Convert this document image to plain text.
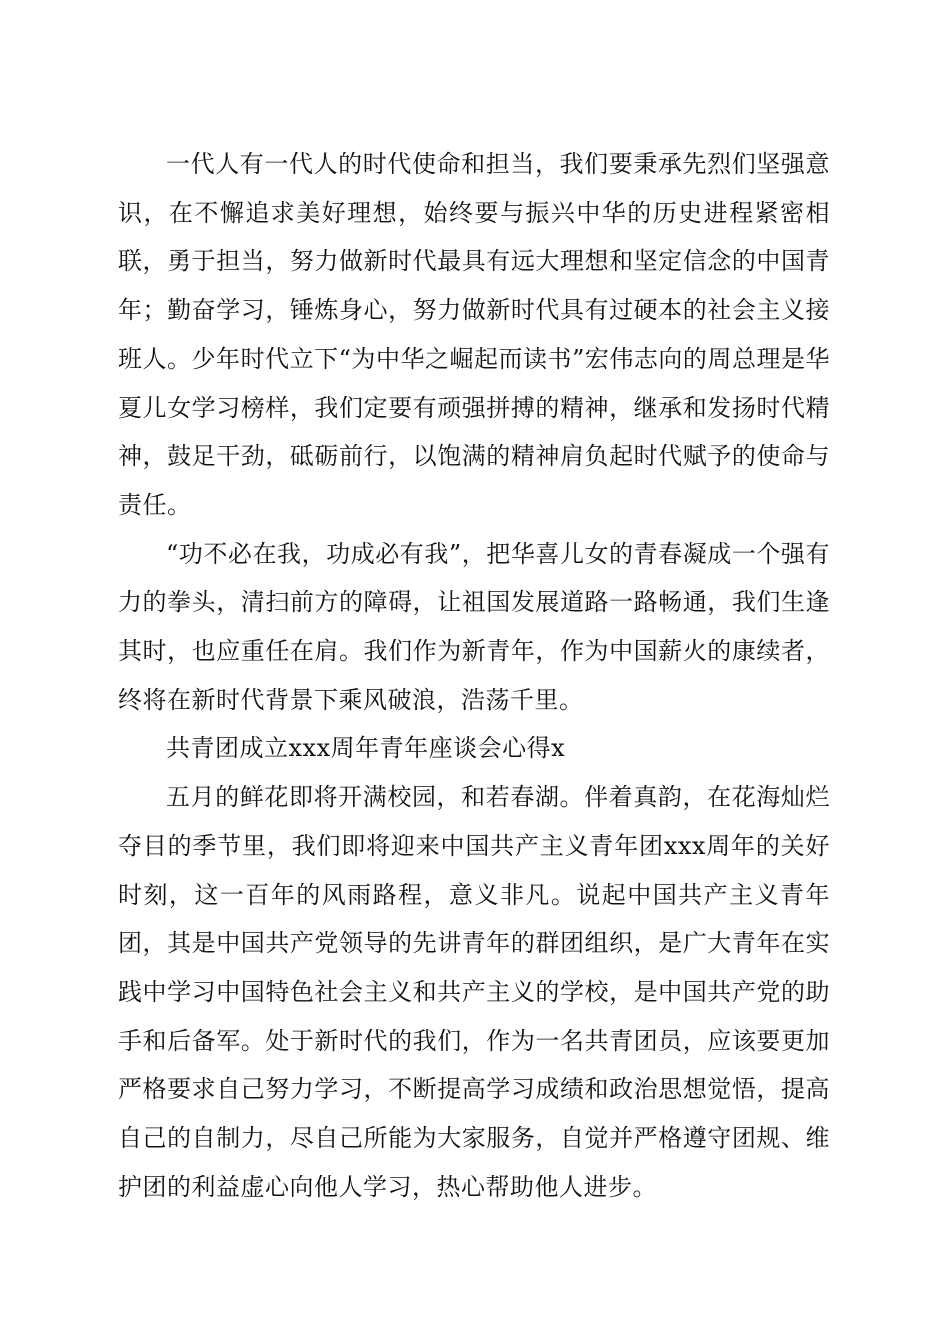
一代人有一代人的时代使命和担当，我们要秉承先烈们坚强意识，在不懈追求美好理想，始终要与振兴中华的历史进程紧密相联，勇于担当，努力做新时代最具有远大理想和坚定信念的中国青年；勤奋学习，锤炼身心，努力做新时代具有过硬本的社会主义接班人。少年时代立下“为中华之崛起而读书”宏伟志向的周总理是华夏儿女学习榜样，我们定要有顽强拼搏的精神，继承和发扬时代精神，鼓足干劲，砥砺前行，以饱满的精神肩负起时代赋予的使命与责任。

“功不必在我，功成必有我”，把华喜儿女的青春凝成一个强有力的拳头，清扫前方的障碍，让祖国发展道路一路畅通，我们生逢其时，也应重任在肩。我们作为新青年，作为中国薪火的康续者，终将在新时代背景下乘风破浪，浩荡千里。

共青团成立xxx周年青年座谈会心得x

五月的鲜花即将开满校园，和若春湖。伴着真韵，在花海灿烂夺目的季节里，我们即将迎来中国共产主义青年团xxx周年的关好时刻，这一百年的风雨路程，意义非凡。说起中国共产主义青年团，其是中国共产党领导的先讲青年的群团组织，是广大青年在实践中学习中国特色社会主义和共产主义的学校，是中国共产党的助手和后备军。处于新时代的我们，作为一名共青团员，应该要更加严格要求自己努力学习，不断提高学习成绩和政治思想觉悟，提高自己的自制力，尽自己所能为大家服务，自觉并严格遵守团规、维护团的利益虚心向他人学习，热心帮助他人进步。
